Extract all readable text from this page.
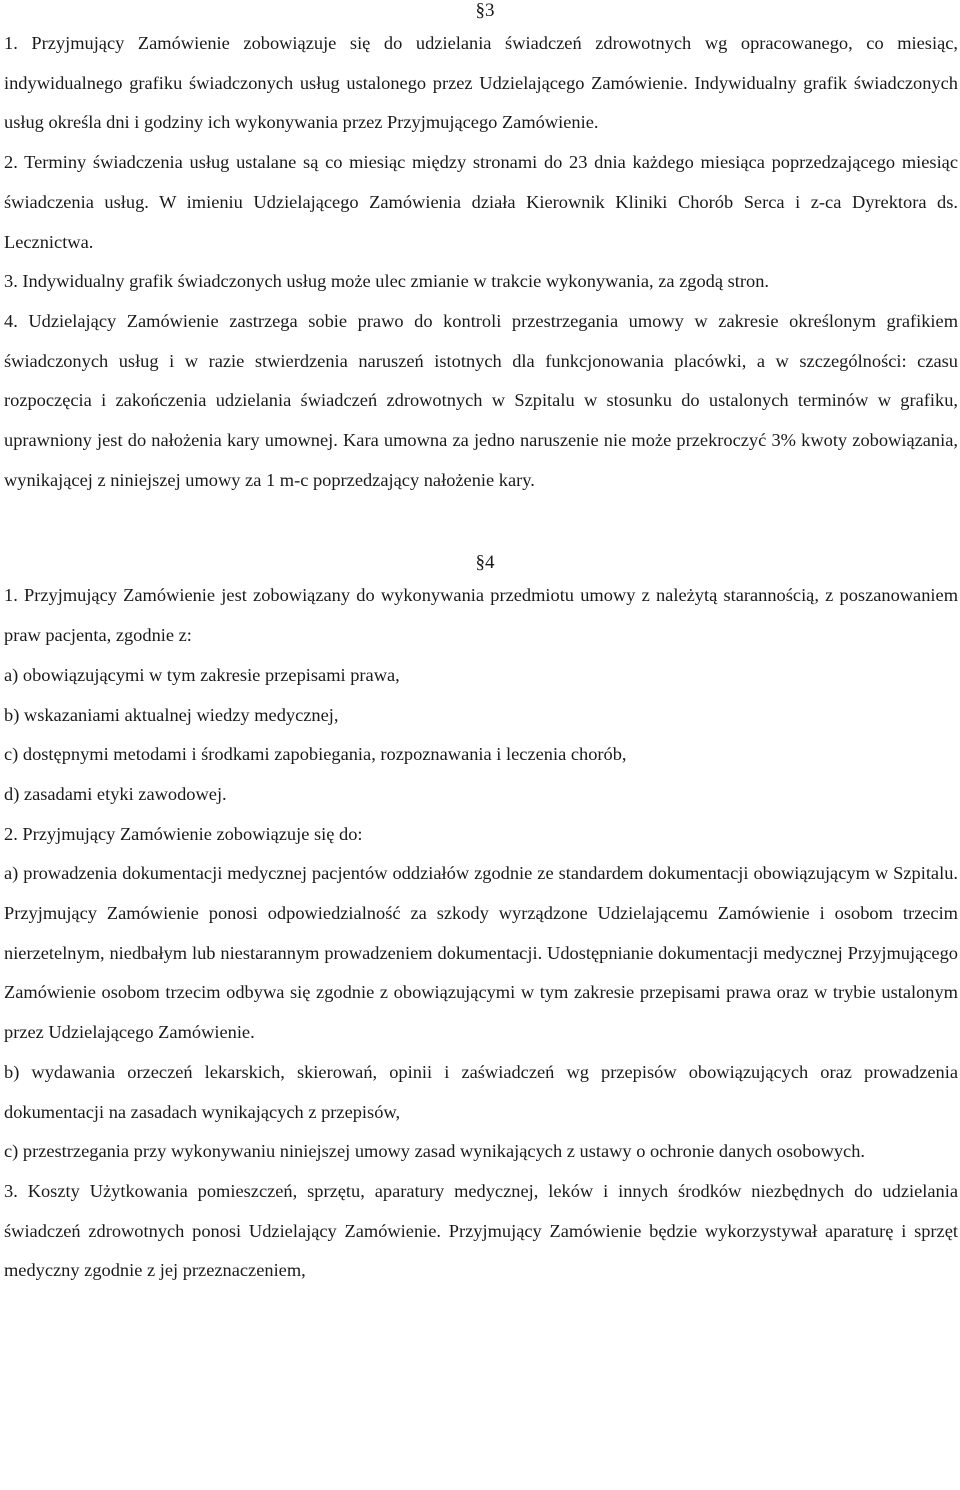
§3

1. Przyjmujący Zamówienie zobowiązuje się do udzielania świadczeń zdrowotnych wg opracowanego, co miesiąc, indywidualnego grafiku świadczonych usług ustalonego przez Udzielającego Zamówienie. Indywidualny grafik świadczonych usług określa dni i godziny ich wykonywania przez Przyjmującego Zamówienie.

2. Terminy świadczenia usług ustalane są co miesiąc między stronami do 23 dnia każdego miesiąca poprzedzającego miesiąc świadczenia usług. W imieniu Udzielającego Zamówienia działa Kierownik Kliniki Chorób Serca i z-ca Dyrektora ds. Lecznictwa.

3. Indywidualny grafik świadczonych usług może ulec zmianie w trakcie wykonywania, za zgodą stron.

4. Udzielający Zamówienie zastrzega sobie prawo do kontroli przestrzegania umowy w zakresie określonym grafikiem świadczonych usług i w razie stwierdzenia naruszeń istotnych dla funkcjonowania placówki, a w szczególności: czasu rozpoczęcia i zakończenia udzielania świadczeń zdrowotnych w Szpitalu w stosunku do ustalonych terminów w grafiku, uprawniony jest do nałożenia kary umownej. Kara umowna za jedno naruszenie nie może przekroczyć 3% kwoty zobowiązania, wynikającej z niniejszej umowy za 1 m-c poprzedzający nałożenie kary.

§4

1. Przyjmujący Zamówienie jest zobowiązany do wykonywania przedmiotu umowy z należytą starannością, z poszanowaniem praw pacjenta, zgodnie z:

a) obowiązującymi w tym zakresie przepisami prawa,

b) wskazaniami aktualnej wiedzy medycznej,

c) dostępnymi metodami i środkami zapobiegania, rozpoznawania i leczenia chorób,

d) zasadami etyki zawodowej.

2. Przyjmujący Zamówienie zobowiązuje się do:

a) prowadzenia dokumentacji medycznej pacjentów oddziałów zgodnie ze standardem dokumentacji obowiązującym w Szpitalu. Przyjmujący Zamówienie ponosi odpowiedzialność za szkody wyrządzone Udzielającemu Zamówienie i osobom trzecim nierzetelnym, niedbałym lub niestarannym prowadzeniem dokumentacji. Udostępnianie dokumentacji medycznej Przyjmującego Zamówienie osobom trzecim odbywa się zgodnie z obowiązującymi w tym zakresie przepisami prawa oraz w trybie ustalonym przez Udzielającego Zamówienie.

b) wydawania orzeczeń lekarskich, skierowań, opinii i zaświadczeń wg przepisów obowiązujących oraz prowadzenia dokumentacji na zasadach wynikających z przepisów,

c) przestrzegania przy wykonywaniu niniejszej umowy zasad wynikających z ustawy o ochronie danych osobowych.

3. Koszty Użytkowania pomieszczeń, sprzętu, aparatury medycznej, leków i innych środków niezbędnych do udzielania świadczeń zdrowotnych ponosi Udzielający Zamówienie. Przyjmujący Zamówienie będzie wykorzystywał aparaturę i sprzęt medyczny zgodnie z jej przeznaczeniem,
